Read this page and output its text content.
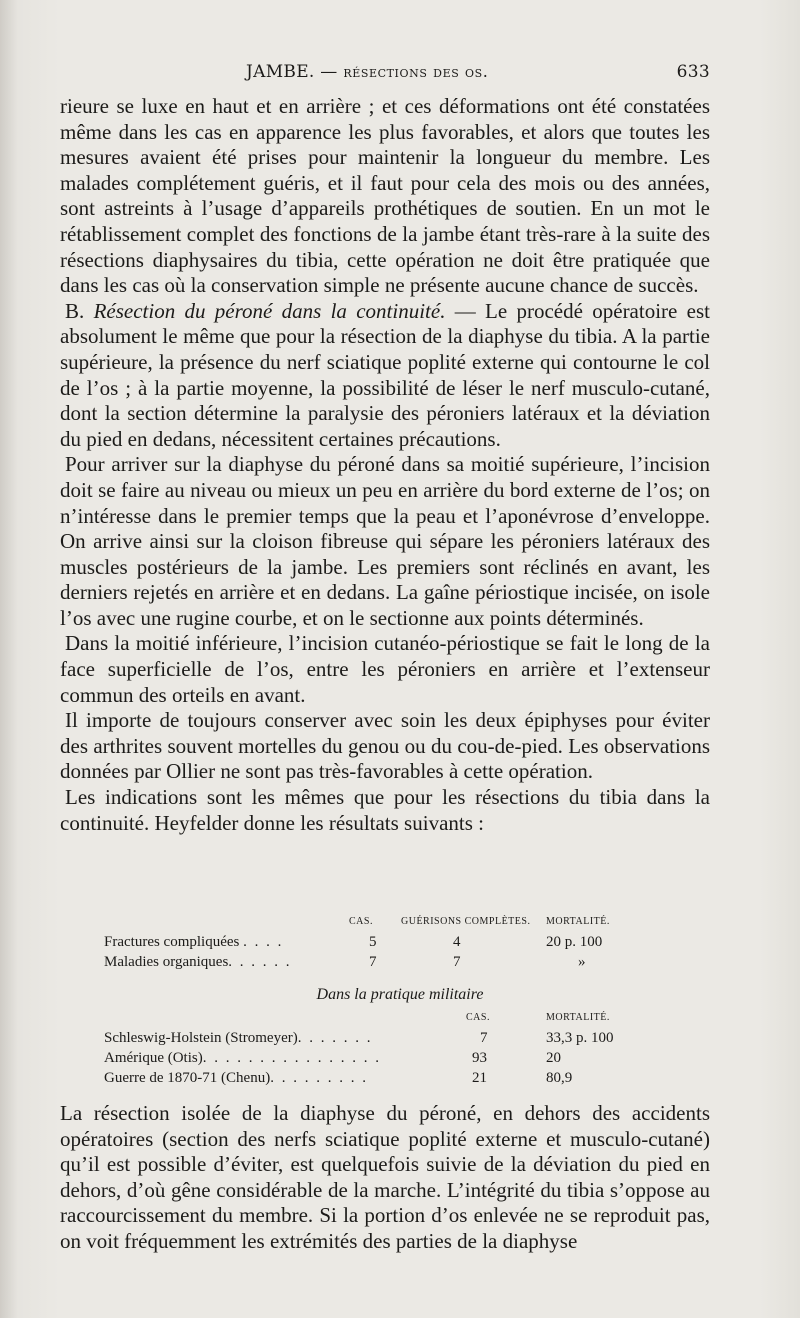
JAMBE. — résections des os.	633

rieure se luxe en haut et en arrière ; et ces déformations ont été constatées même dans les cas en apparence les plus favorables, et alors que toutes les mesures avaient été prises pour maintenir la longueur du membre. Les malades complétement guéris, et il faut pour cela des mois ou des années, sont astreints à l’usage d’appareils prothétiques de soutien. En un mot le rétablissement complet des fonctions de la jambe étant très-rare à la suite des résections diaphysaires du tibia, cette opération ne doit être pratiquée que dans les cas où la conservation simple ne présente aucune chance de succès.

B. Résection du péroné dans la continuité. — Le procédé opératoire est absolument le même que pour la résection de la diaphyse du tibia. A la partie supérieure, la présence du nerf sciatique poplité externe qui contourne le col de l’os ; à la partie moyenne, la possibilité de léser le nerf musculo-cutané, dont la section détermine la paralysie des péroniers latéraux et la déviation du pied en dedans, nécessitent certaines précautions.

Pour arriver sur la diaphyse du péroné dans sa moitié supérieure, l’incision doit se faire au niveau ou mieux un peu en arrière du bord externe de l’os; on n’intéresse dans le premier temps que la peau et l’aponévrose d’enveloppe. On arrive ainsi sur la cloison fibreuse qui sépare les péroniers latéraux des muscles postérieurs de la jambe. Les premiers sont réclinés en avant, les derniers rejetés en arrière et en dedans. La gaîne périostique incisée, on isole l’os avec une rugine courbe, et on le sectionne aux points déterminés.

Dans la moitié inférieure, l’incision cutanéo-périostique se fait le long de la face superficielle de l’os, entre les péroniers en arrière et l’extenseur commun des orteils en avant.

Il importe de toujours conserver avec soin les deux épiphyses pour éviter des arthrites souvent mortelles du genou ou du cou-de-pied. Les observations données par Ollier ne sont pas très-favorables à cette opération.

Les indications sont les mêmes que pour les résections du tibia dans la continuité. Heyfelder donne les résultats suivants :

	CAS.	GUÉRISONS COMPLÈTES.	MORTALITÉ.
Fractures compliquées . . . .	5	4	20 p. 100
Maladies organiques. . . . . .	7	7	»
Dans la pratique militaire
	CAS.	MORTALITÉ.
Schleswig-Holstein (Stromeyer). . . . . . .	7	33,3 p. 100
Amérique (Otis). . . . . . . . . . . . . . . .	93	20
Guerre de 1870-71 (Chenu). . . . . . . . .	21	80,9

La résection isolée de la diaphyse du péroné, en dehors des accidents opératoires (section des nerfs sciatique poplité externe et musculo-cutané) qu’il est possible d’éviter, est quelquefois suivie de la déviation du pied en dehors, d’où gêne considérable de la marche. L’intégrité du tibia s’oppose au raccourcissement du membre. Si la portion d’os enlevée ne se reproduit pas, on voit fréquemment les extrémités des parties de la diaphyse
